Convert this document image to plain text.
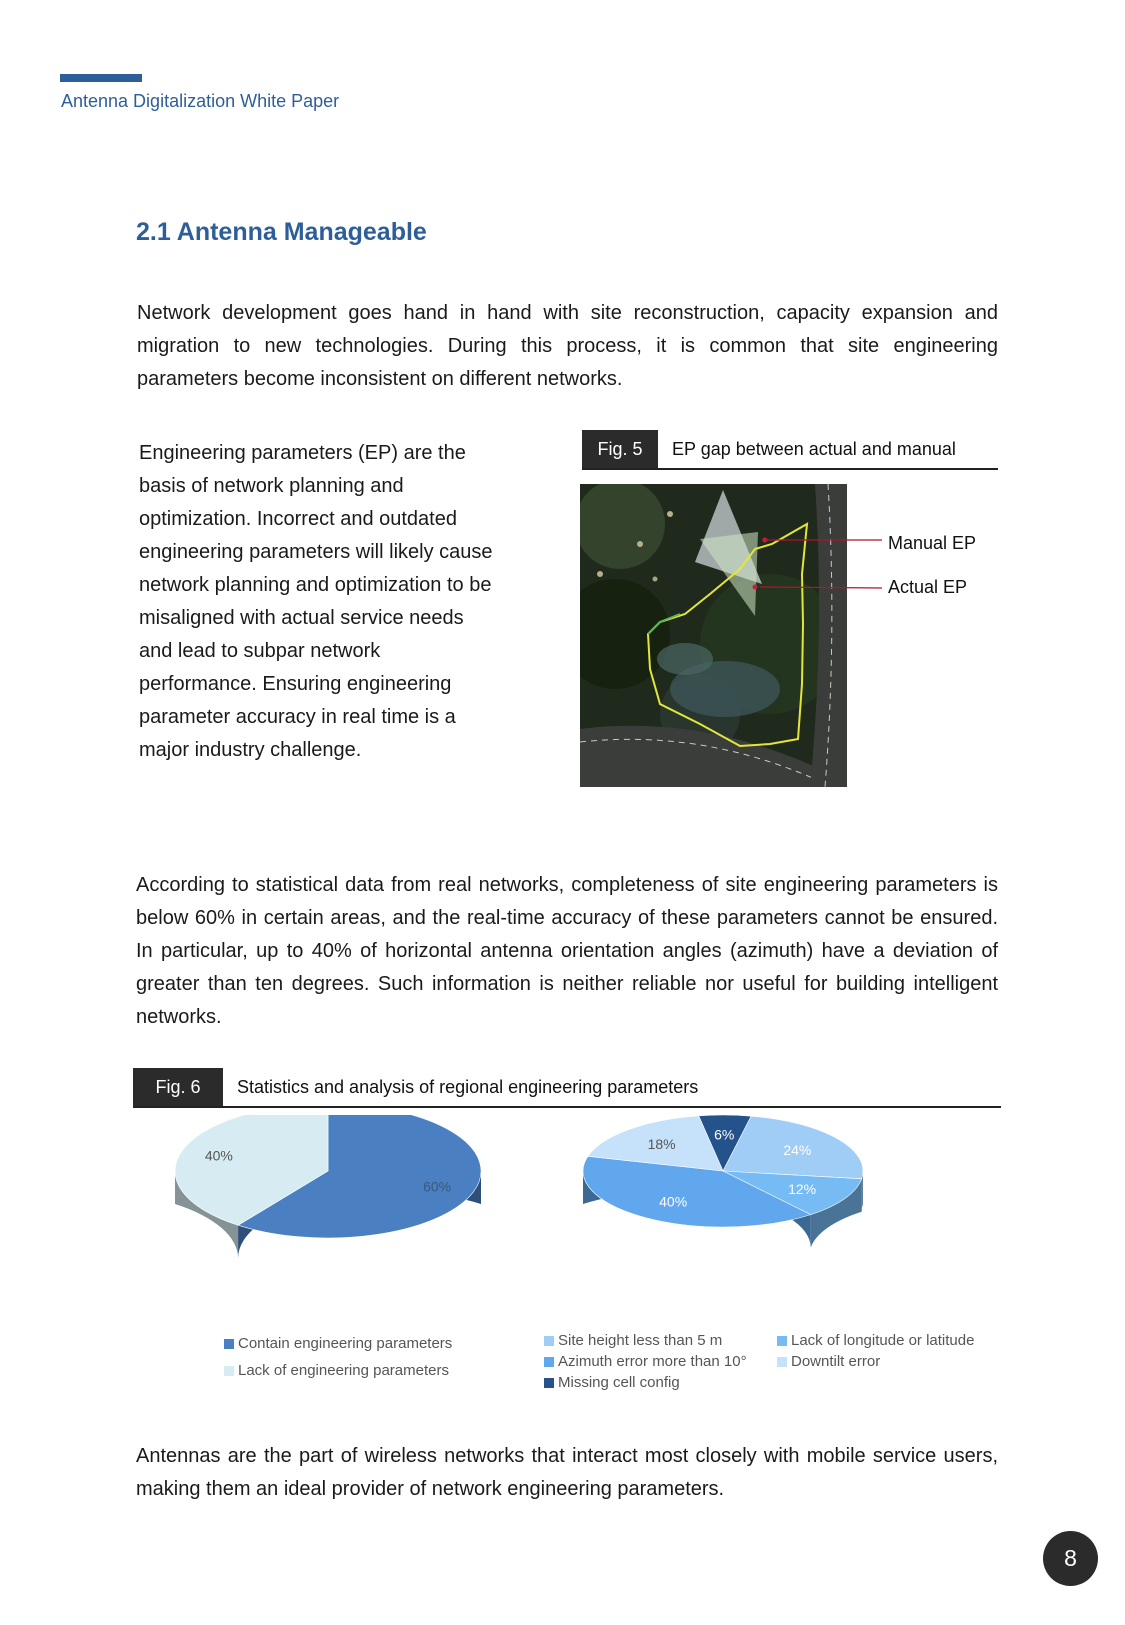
Antenna Digitalization White Paper
2.1 Antenna Manageable
Network development goes hand in hand with site reconstruction, capacity expansion and migration to new technologies. During this process, it is common that site engineering parameters become inconsistent on different networks.
Engineering parameters (EP) are the basis of network planning and optimization. Incorrect and outdated engineering parameters will likely cause network planning and optimization to be misaligned with actual service needs and lead to subpar network performance. Ensuring engineering parameter accuracy in real time is a major industry challenge.
Fig. 5	EP gap between actual and manual
Manual EP
Actual EP
According to statistical data from real networks, completeness of site engineering parameters is below 60% in certain areas, and the real-time accuracy of these parameters cannot be ensured. In particular, up to 40% of horizontal antenna orientation angles (azimuth) have a deviation of greater than ten degrees. Such information is neither reliable nor useful for building intelligent networks.
Fig. 6	Statistics and analysis of regional engineering parameters
60%
40%
6%
24%
12%
40%
18%
Contain engineering parameters
Lack of engineering parameters
Site height less than 5 m
Azimuth error more than 10°
Missing cell config
Lack of longitude or latitude
Downtilt error
Antennas are the part of wireless networks that interact most closely with mobile service users, making them an ideal provider of network engineering parameters.
8
